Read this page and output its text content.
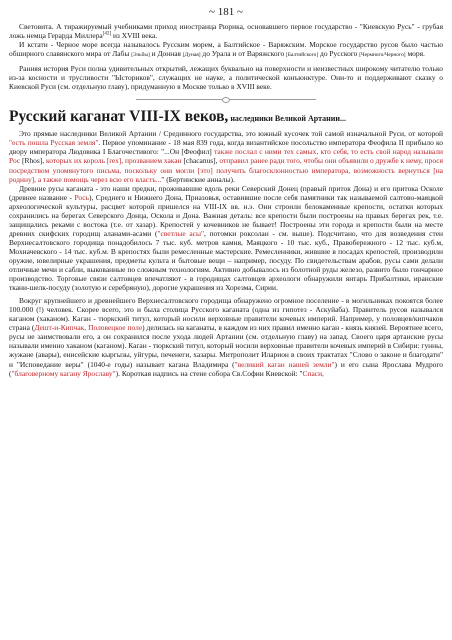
~ 181 ~

Световита. А тиражируемый учебниками приход иностранца Рюрика, основавшего первое государство - "Киевскую Русь" - грубая ложь немца Герарда Миллера[42] из XVIII века.

И кстати - Черное море всегда называлось Русским морем, а Балтийское - Варяжским. Морское государство русов было частью обширного славянского мира от Лабы [Эльбы] и Донная [Дуная] до Урала и от Варяжского [Балтийского] до Русского [Чермного/Черного] моря.

Ранняя история Руси полна удивительных открытий, лежащих буквально на поверхности и неизвестных широкому читателю только из-за косности и трусливости "Ысториков", служащих не науке, а политической конъюнктуре. Они-то и поддерживают сказку о Киевской Руси (см. отдельную главу), придуманную в Москве только в XVIII веке.

Русский каганат VIII-IX веков, наследники Великой Артании...

Это прямые наследники Великой Артании / Срединного государства, это южный кусочек той самой изначальной Руси, от которой "есть пошла Русская земля". Первое упоминание - 18 мая 839 года, когда византийское посольство императора Феофила II прибыло ко двору императора Людовика I Благочестивого: "...Он [Феофил] также послал с ними тех самых, кто себя, то есть свой народ называли Рос [Rhos], которых их король [rex], прозванием хакан [chacanus], отправил ранее ради того, чтобы они объявили о дружбе к нему, прося посредством упомянутого письма, поскольку они могли [это] получить благосклонностью императора, возможность вернуться [на родину], а также помощь через всю его власть..." (Бертинские анналы).

Древние русы каганата - это наши предки, проживавшие вдоль реки Северский Донец (правый приток Дона) и его притока Осколе (древнее название - Рось), Среднего и Нижнего Дона, Приазовья, оставившие после себя памятники так называемой салтово-маяцкой археологической культуры, расцвет которой пришелся на VIII-IX вв. н.э. Они строили белокаменные крепости, остатки которых сохранились на берегах Северского Донца, Оскола и Дона. Важная деталь: все крепости были построены на правых берегах рек, т.е. защищались реками с востока (т.е. от хазар). Крепостей у кочевников не бывает! Построены эти города и крепости были на месте древних скифских городищ аланами-асами ("светлые асы", потомки роксолан - см. выше). Подсчитано, что для возведения стен Верхнесалтовского городища понадобилось 7 тыс. куб. метров камня, Маяцкого - 10 тыс. куб., Правобережного - 12 тыс. куб.м, Мохначевского - 14 тыс. куб.м. В крепостях были ремесленные мастерские. Ремесленники, жившие в посадах крепостей, производили оружие, ювелирные украшения, предметы культа и бытовые вещи – например, посуду. По свидетельствам арабов, русы сами делали отличные мечи и сабли, выкованные по сложным технологиям. Активно добывалось из болотной руды железо, развито было гончарное производство. Торговые связи салтовцев впечатляют - в городищах салтовцев археологи обнаружили янтарь Прибалтики, иранские ткани-шелк-посуду (золотую и серебряную), дорогие украшения из Хорезма, Сирии.

Вокруг крупнейшего и древнейшего Верхнесалтовского городища обнаружено огромное поселение - в могильниках покоятся более 100.000 (!) человек. Скорее всего, это и была столица Русского каганата (одна из гипотез - Аскуйаба). Правитель русов назывался каганом (хаканом). Каган - тюркский титул, который носили верховные правители кочевых империй. Например, у половцев/кипчаков страна (Дешт-и-Кипчак, Половецкое поле) делилась на каганаты, в каждом из них правил именно каган - князь князей. Вероятнее всего, русы не заимствовали его, а он сохранился после ухода людей Артании (см. отдельную главу) на запад. Своего царя артанские русы называли именно хаканом (каганом). Каган - тюркский титул, который носили верховные правители кочевых империй в Сибири: гунны, жужане (авары), енисейские кыргызы, уйгуры, печенеги, хазары. Митрополит Иларион в своих трактатах "Слово о законе и благодати" и "Исповедание веры" (1040-е годы) называет кагана Владимира ("великий каган нашей земли") и его сына Ярослава Мудрого ("благоверному кагану Ярославу"). Короткая надпись на стене собора Св.Софии Киевской: "Спаси,
